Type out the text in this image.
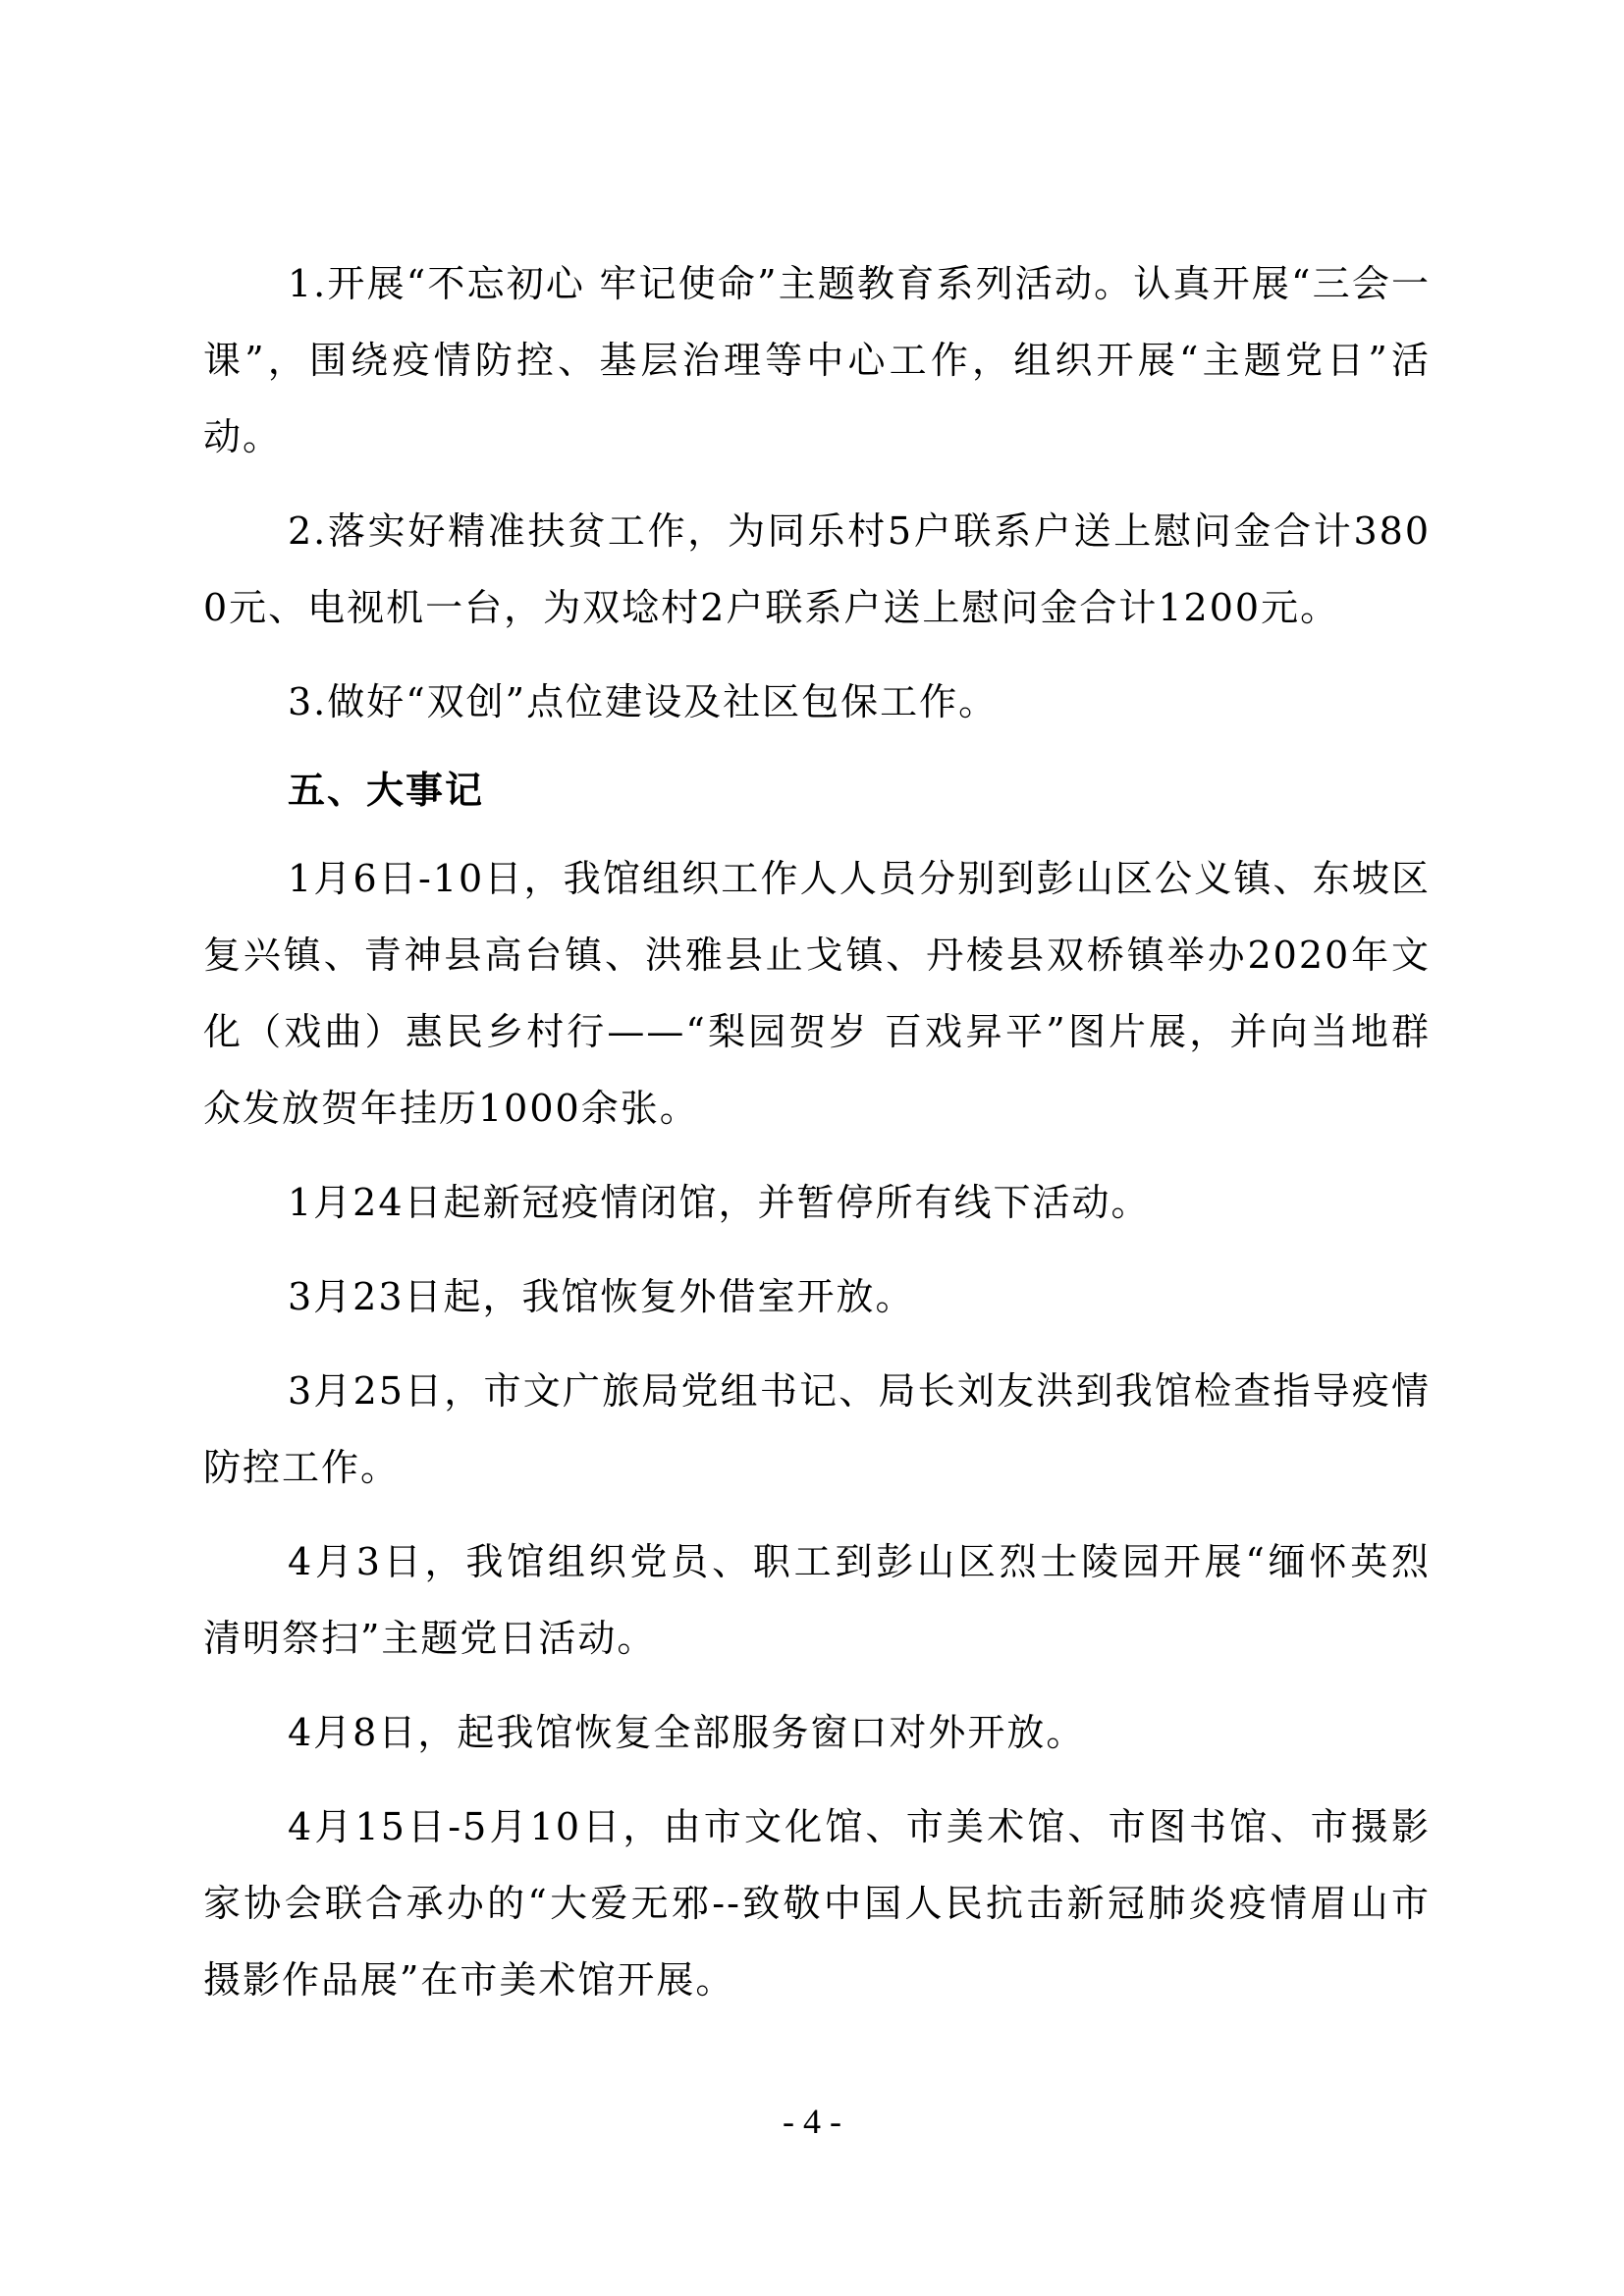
1.开展“不忘初心 牢记使命”主题教育系列活动。认真开展“三会一课”，围绕疫情防控、基层治理等中心工作，组织开展“主题党日”活动。

2.落实好精准扶贫工作，为同乐村5户联系户送上慰问金合计3800元、电视机一台，为双埝村2户联系户送上慰问金合计1200元。

3.做好“双创”点位建设及社区包保工作。

五、大事记

1月6日-10日，我馆组织工作人人员分别到彭山区公义镇、东坡区复兴镇、青神县高台镇、洪雅县止戈镇、丹棱县双桥镇举办2020年文化（戏曲）惠民乡村行——“梨园贺岁 百戏昇平”图片展，并向当地群众发放贺年挂历1000余张。

1月24日起新冠疫情闭馆，并暂停所有线下活动。

3月23日起，我馆恢复外借室开放。

3月25日，市文广旅局党组书记、局长刘友洪到我馆检查指导疫情防控工作。

4月3日，我馆组织党员、职工到彭山区烈士陵园开展“缅怀英烈 清明祭扫”主题党日活动。

4月8日，起我馆恢复全部服务窗口对外开放。

4月15日-5月10日，由市文化馆、市美术馆、市图书馆、市摄影家协会联合承办的“大爱无邪--致敬中国人民抗击新冠肺炎疫情眉山市摄影作品展”在市美术馆开展。

- 4 -
